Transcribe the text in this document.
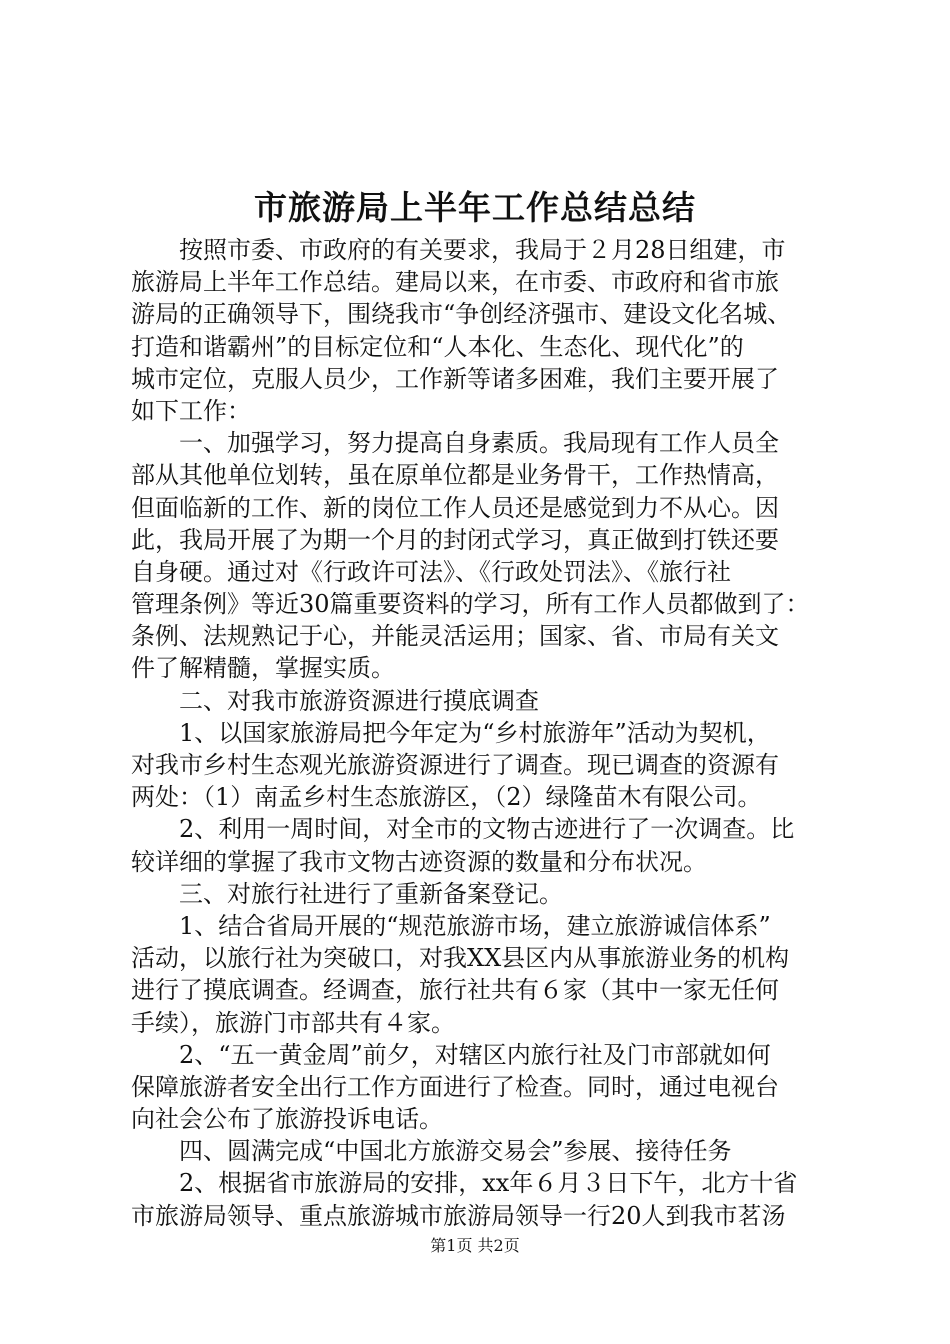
市旅游局上半年工作总结总结
　　按照市委、市政府的有关要求，我局于２月28日组建，市
旅游局上半年工作总结。建局以来，在市委、市政府和省市旅
游局的正确领导下，围绕我市“争创经济强市、建设文化名城、
打造和谐霸州”的目标定位和“人本化、生态化、现代化”的
城市定位，克服人员少，工作新等诸多困难，我们主要开展了
如下工作：
　　一、加强学习，努力提高自身素质。我局现有工作人员全
部从其他单位划转，虽在原单位都是业务骨干，工作热情高，
但面临新的工作、新的岗位工作人员还是感觉到力不从心。因
此，我局开展了为期一个月的封闭式学习，真正做到打铁还要
自身硬。通过对《行政许可法》、《行政处罚法》、《旅行社
管理条例》等近30篇重要资料的学习，所有工作人员都做到了：
条例、法规熟记于心，并能灵活运用；国家、省、市局有关文
件了解精髓，掌握实质。
　　二、对我市旅游资源进行摸底调查
　　1、以国家旅游局把今年定为“乡村旅游年”活动为契机，
对我市乡村生态观光旅游资源进行了调查。现已调查的资源有
两处：（1）南孟乡村生态旅游区，（2）绿隆苗木有限公司。
　　2、利用一周时间，对全市的文物古迹进行了一次调查。比
较详细的掌握了我市文物古迹资源的数量和分布状况。
　　三、对旅行社进行了重新备案登记。
　　1、结合省局开展的“规范旅游市场，建立旅游诚信体系”
活动，以旅行社为突破口，对我XX县区内从事旅游业务的机构
进行了摸底调查。经调查，旅行社共有６家（其中一家无任何
手续），旅游门市部共有４家。
　　2、“五一黄金周”前夕，对辖区内旅行社及门市部就如何
保障旅游者安全出行工作方面进行了检查。同时，通过电视台
向社会公布了旅游投诉电话。
　　四、圆满完成“中国北方旅游交易会”参展、接待任务
　　2、根据省市旅游局的安排，xx年６月３日下午，北方十省
市旅游局领导、重点旅游城市旅游局领导一行20人到我市茗汤
第1页 共2页
